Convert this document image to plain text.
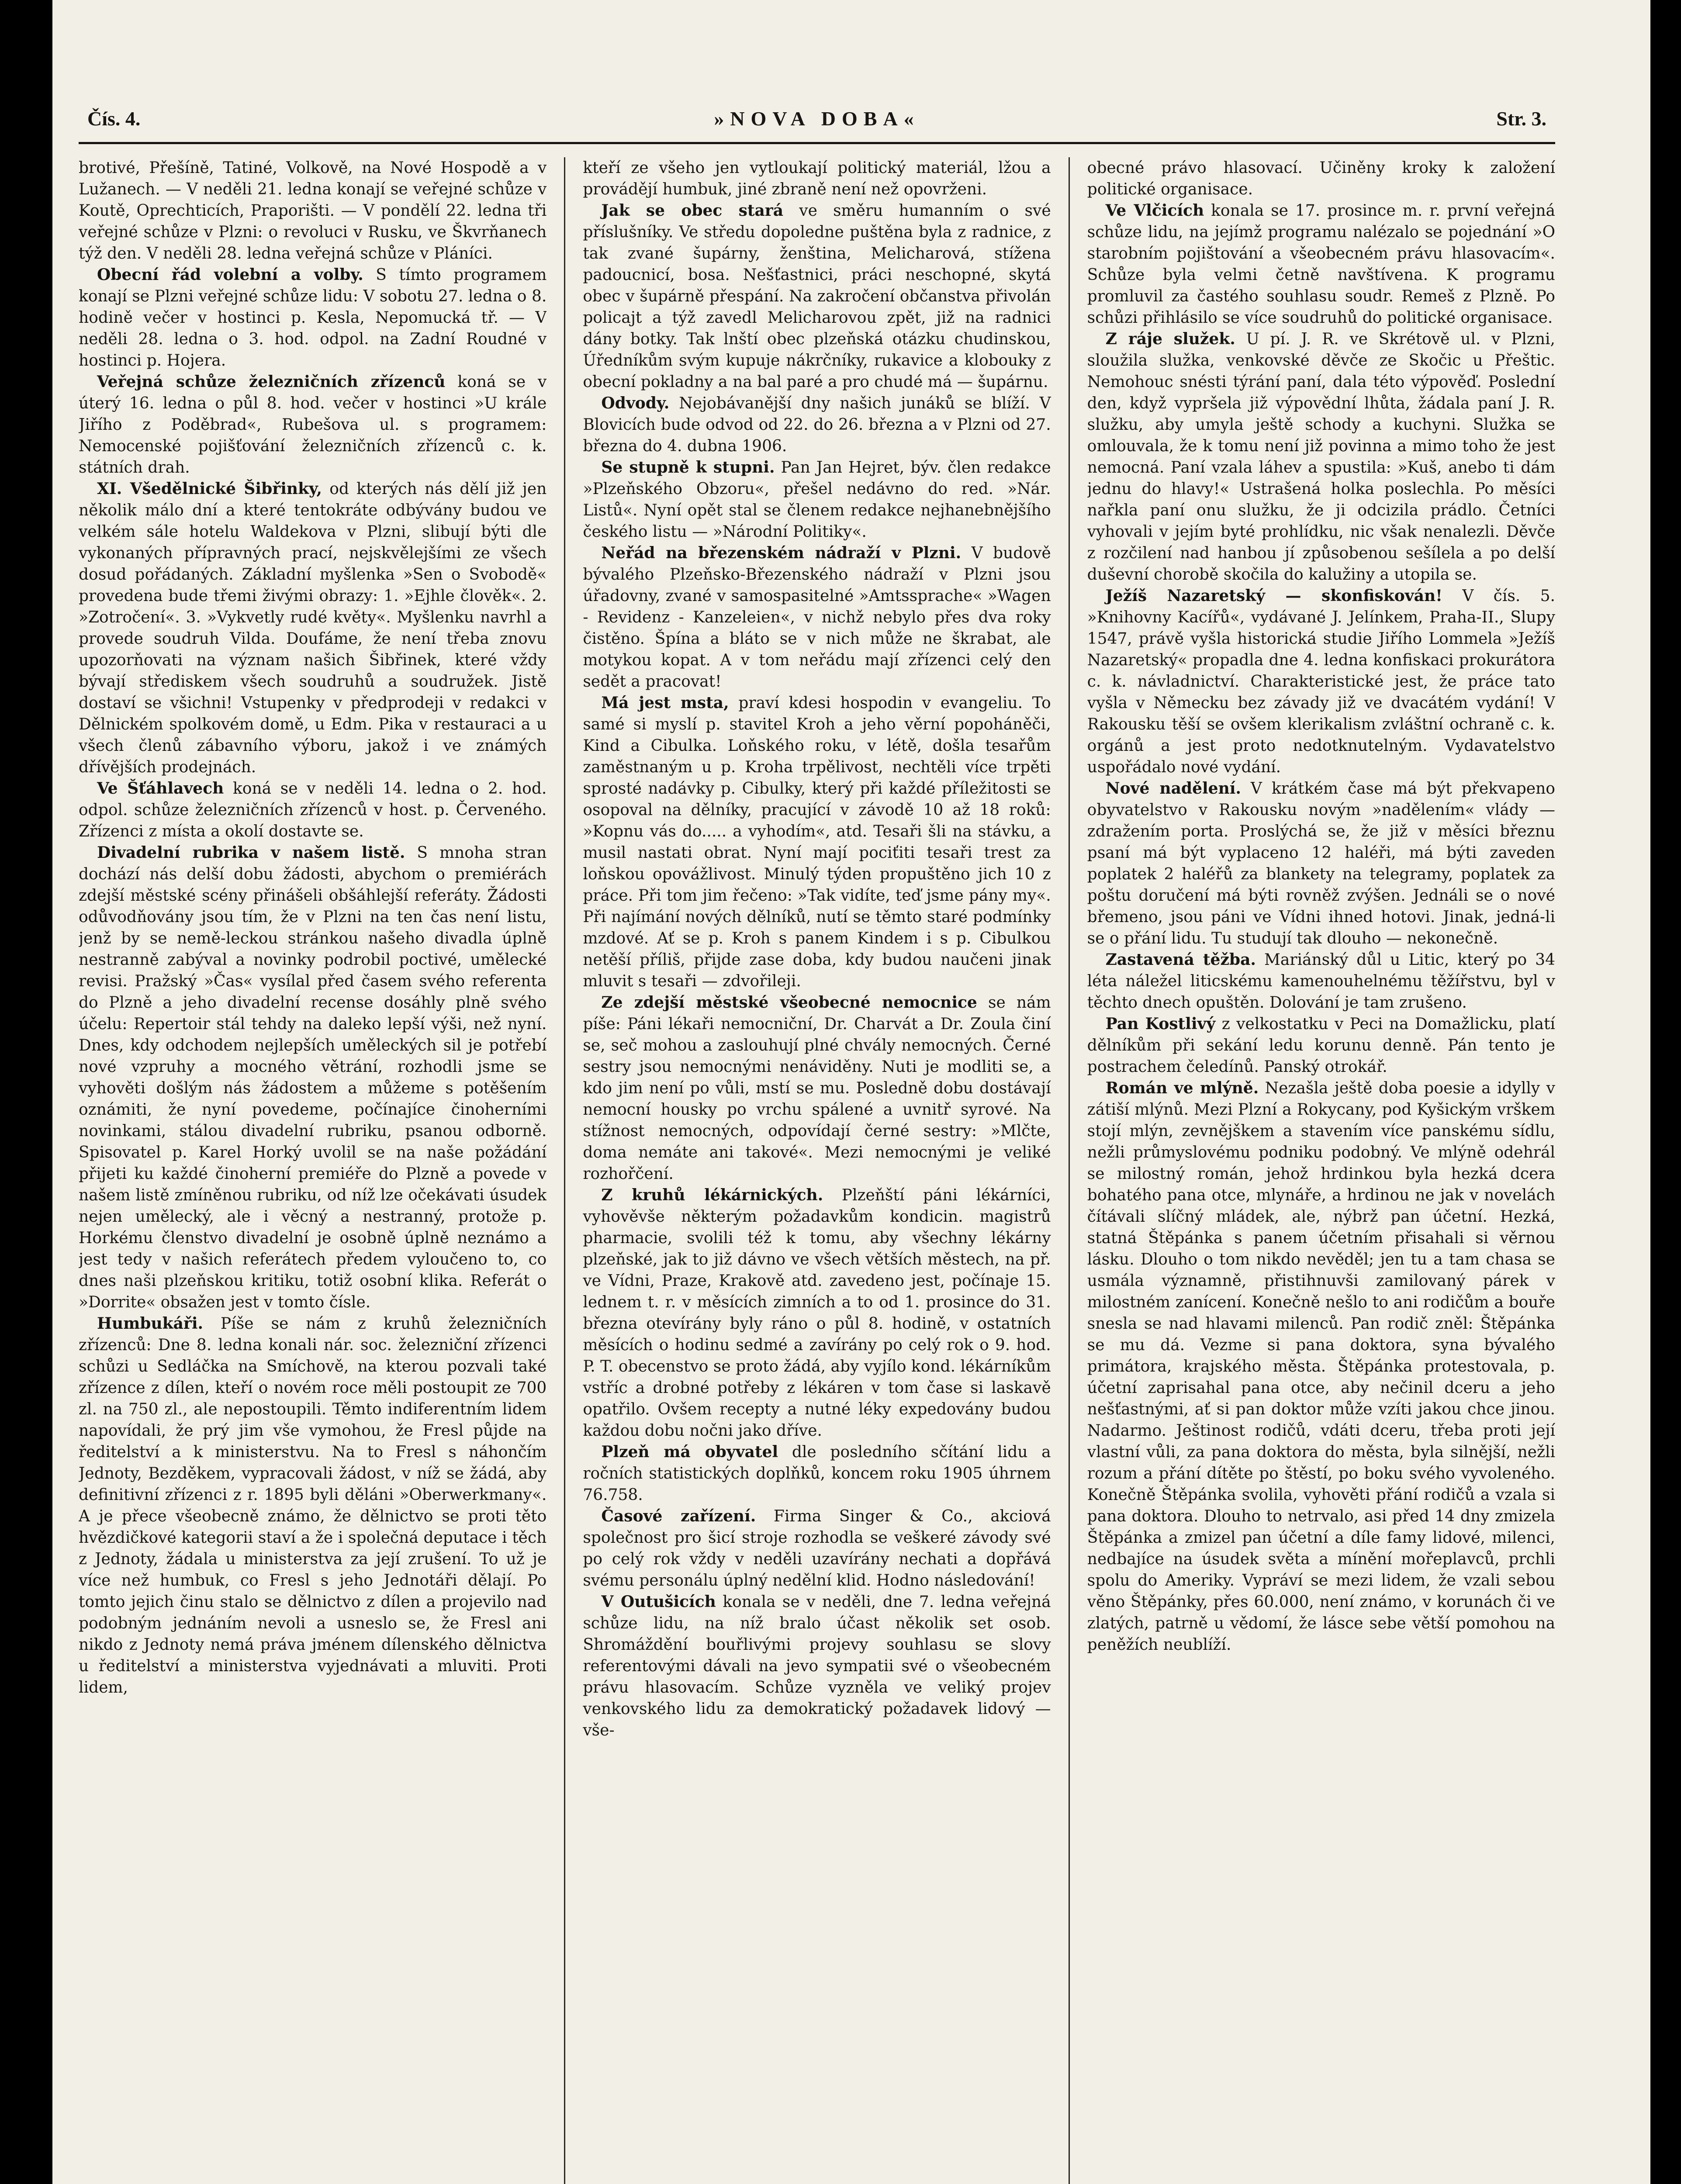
Čís. 4.	»NOVA DOBA«	Str. 3.

brotivé, Přešíně, Tatiné, Volkově, na Nové Hospodě a v Lužanech. — V neděli 21. ledna konají se veřejné schůze v Koutě, Oprechticích, Praporišti. — V pondělí 22. ledna tři veřejné schůze v Plzni: o revoluci v Rusku, ve Škvrňanech týž den. V neděli 28. ledna veřejná schůze v Pláníci.

Obecní řád volební a volby. S tímto programem konají se Plzni veřejné schůze lidu: V sobotu 27. ledna o 8. hodině večer v hostinci p. Kesla, Nepomucká tř. — V neděli 28. ledna o 3. hod. odpol. na Zadní Roudné v hostinci p. Hojera.

Veřejná schůze železničních zřízenců koná se v úterý 16. ledna o půl 8. hod. večer v hostinci »U krále Jiřího z Poděbrad«, Rubešova ul. s programem: Nemocenské pojišťování železničních zřízenců c. k. státních drah.

XI. Všedělnické Šibřinky, od kterých nás dělí již jen několik málo dní a které tentokráte odbývány budou ve velkém sále hotelu Waldekova v Plzni, slibují býti dle vykonaných přípravných prací, nejskvělejšími ze všech dosud pořádaných. Základní myšlenka »Sen o Svobodě« provedena bude třemi živými obrazy: 1. »Ejhle člověk«. 2. »Zotročení«. 3. »Vykvetly rudé květy«. Myšlenku navrhl a provede soudruh Vilda. Doufáme, že není třeba znovu upozorňovati na význam našich Šibřinek, které vždy bývají střediskem všech soudruhů a soudružek. Jistě dostaví se všichni! Vstupenky v předprodeji v redakci v Dělnickém spolkovém domě, u Edm. Pika v restauraci a u všech členů zábavního výboru, jakož i ve známých dřívějších prodejnách.

Ve Šťáhlavech koná se v neděli 14. ledna o 2. hod. odpol. schůze železničních zřízenců v host. p. Červeného. Zřízenci z místa a okolí dostavte se.

Divadelní rubrika v našem listě. S mnoha stran dochází nás delší dobu žádosti, abychom o premiérách zdejší městské scény přinášeli obšáhlejší referáty. Žádosti odůvodňovány jsou tím, že v Plzni na ten čas není listu, jenž by se nemě-leckou stránkou našeho divadla úplně nestranně zabýval a novinky podrobil poctivé, umělecké revisi. Pražský »Čas« vysílal před časem svého referenta do Plzně a jeho divadelní recense dosáhly plně svého účelu: Repertoir stál tehdy na daleko lepší výši, než nyní. Dnes, kdy odchodem nejlepších uměleckých sil je potřebí nové vzpruhy a mocného větrání, rozhodli jsme se vyhověti došlým nás žádostem a můžeme s potěšením oznámiti, že nyní povedeme, počínajíce činoherními novinkami, stálou divadelní rubriku, psanou odborně. Spisovatel p. Karel Horký uvolil se na naše požádání přijeti ku každé činoherní premiéře do Plzně a povede v našem listě zmíněnou rubriku, od níž lze očekávati úsudek nejen umělecký, ale i věcný a nestranný, protože p. Horkému členstvo divadelní je osobně úplně neznámo a jest tedy v našich referátech předem vyloučeno to, co dnes naši plzeňskou kritiku, totiž osobní klika. Referát o »Dorrite« obsažen jest v tomto čísle.

Humbukáři. Píše se nám z kruhů železničních zřízenců: Dne 8. ledna konali nár. soc. železniční zřízenci schůzi u Sedláčka na Smíchově, na kterou pozvali také zřízence z dílen, kteří o novém roce měli postoupit ze 700 zl. na 750 zl., ale nepostoupili. Těmto indiferentním lidem napovídali, že prý jim vše vymohou, že Fresl půjde na ředitelství a k ministerstvu. Na to Fresl s náhončím Jednoty, Bezděkem, vypracovali žádost, v níž se žádá, aby definitivní zřízenci z r. 1895 byli děláni »Oberwerkmany«. A je přece všeobecně známo, že dělnictvo se proti těto hvězdičkové kategorii staví a že i společná deputace i těch z Jednoty, žádala u ministerstva za její zrušení. To už je více než humbuk, co Fresl s jeho Jednotáři dělají. Po tomto jejich činu stalo se dělnictvo z dílen a projevilo nad podobným jednáním nevoli a usneslo se, že Fresl ani nikdo z Jednoty nemá práva jménem dílenského dělnictva u ředitelství a ministerstva vyjednávati a mluviti. Proti lidem,

kteří ze všeho jen vytloukají politický materiál, lžou a provádějí humbuk, jiné zbraně není než opovrženi.

Jak se obec stará ve směru humanním o své příslušníky. Ve středu dopoledne puštěna byla z radnice, z tak zvané šupárny, ženština, Melicharová, stížena padoucnicí, bosa. Nešťastnici, práci neschopné, skytá obec v šupárně přespání. Na zakročení občanstva přivolán policajt a týž zavedl Melicharovou zpět, již na radnici dány botky. Tak lnští obec plzeňská otázku chudinskou, Úředníkům svým kupuje nákrčníky, rukavice a klobouky z obecní pokladny a na bal paré a pro chudé má — šupárnu.

Odvody. Nejobávanější dny našich junáků se blíží. V Blovicích bude odvod od 22. do 26. března a v Plzni od 27. března do 4. dubna 1906.

Se stupně k stupni. Pan Jan Hejret, býv. člen redakce »Plzeňského Obzoru«, přešel nedávno do red. »Nár. Listů«. Nyní opět stal se členem redakce nejhanebnějšího českého listu — »Národní Politiky«.

Neřád na březenském nádraží v Plzni. V budově bývalého Plzeňsko-Březenského nádraží v Plzni jsou úřadovny, zvané v samospasitelné »Amtssprache« »Wagen - Revidenz - Kanzeleien«, v nichž nebylo přes dva roky čistěno. Špína a bláto se v nich může ne škrabat, ale motykou kopat. A v tom neřádu mají zřízenci celý den sedět a pracovat!

Má jest msta, praví kdesi hospodin v evangeliu. To samé si myslí p. stavitel Kroh a jeho věrní popoháněči, Kind a Cibulka. Loňského roku, v létě, došla tesařům zaměstnaným u p. Kroha trpělivost, nechtěli více trpěti sprosté nadávky p. Cibulky, který při každé příležitosti se osopoval na dělníky, pracující v závodě 10 až 18 roků: »Kopnu vás do..... a vyhodím«, atd. Tesaři šli na stávku, a musil nastati obrat. Nyní mají pociťiti tesaři trest za loňskou opovážlivost. Minulý týden propuštěno jich 10 z práce. Při tom jim řečeno: »Tak vidíte, teď jsme pány my«. Při najímání nových dělníků, nutí se těmto staré podmínky mzdové. Ať se p. Kroh s panem Kindem i s p. Cibulkou netěší příliš, přijde zase doba, kdy budou naučeni jinak mluvit s tesaři — zdvořileji.

Ze zdejší městské všeobecné nemocnice se nám píše: Páni lékaři nemocniční, Dr. Charvát a Dr. Zoula činí se, seč mohou a zaslouhují plné chvály nemocných. Černé sestry jsou nemocnými nenáviděny. Nuti je modliti se, a kdo jim není po vůli, mstí se mu. Posledně dobu dostávají nemocní housky po vrchu spálené a uvnitř syrové. Na stížnost nemocných, odpovídají černé sestry: »Mlčte, doma nemáte ani takové«. Mezi nemocnými je veliké rozhořčení.

Z kruhů lékárnických. Plzeňští páni lékárníci, vyhověvše některým požadavkům kondicin. magistrů pharmacie, svolili též k tomu, aby všechny lékárny plzeňské, jak to již dávno ve všech větších městech, na př. ve Vídni, Praze, Krakově atd. zavedeno jest, počínaje 15. lednem t. r. v měsících zimních a to od 1. prosince do 31. března otevírány byly ráno o půl 8. hodině, v ostatních měsících o hodinu sedmé a zavírány po celý rok o 9. hod. P. T. obecenstvo se proto žádá, aby vyjílo kond. lékárníkům vstříc a drobné potřeby z lékáren v tom čase si laskavě opatřilo. Ovšem recepty a nutné léky expedovány budou každou dobu nočni jako dříve.

Plzeň má obyvatel dle posledního sčítání lidu a ročních statistických doplňků, koncem roku 1905 úhrnem 76.758.

Časové zařízení. Firma Singer & Co., akciová společnost pro šicí stroje rozhodla se veškeré závody své po celý rok vždy v neděli uzavírány nechati a dopřává svému personálu úplný nedělní klid. Hodno následování!

V Outušicích konala se v neděli, dne 7. ledna veřejná schůze lidu, na níž bralo účast několik set osob. Shromáždění bouřlivými projevy souhlasu se slovy referentovými dávali na jevo sympatii své o všeobecném právu hlasovacím. Schůze vyzněla ve veliký projev venkovského lidu za demokratický požadavek lidový — vše-

obecné právo hlasovací. Učiněny kroky k založení politické organisace.

Ve Vlčicích konala se 17. prosince m. r. první veřejná schůze lidu, na jejímž programu nalézalo se pojednání »O starobním pojištování a všeobecném právu hlasovacím«. Schůze byla velmi četně navštívena. K programu promluvil za častého souhlasu soudr. Remeš z Plzně. Po schůzi přihlásilo se více soudruhů do politické organisace.

Z ráje služek. U pí. J. R. ve Skrétově ul. v Plzni, sloužila služka, venkovské děvče ze Skočic u Přeštic. Nemohouc snésti týrání paní, dala této výpověď. Poslední den, když vypršela již výpovědní lhůta, žádala paní J. R. služku, aby umyla ještě schody a kuchyni. Služka se omlouvala, že k tomu není již povinna a mimo toho že jest nemocná. Paní vzala láhev a spustila: »Kuš, anebo ti dám jednu do hlavy!« Ustrašená holka poslechla. Po měsíci nařkla paní onu služku, že ji odcizila prádlo. Četníci vyhovali v jejím byté prohlídku, nic však nenalezli. Děvče z rozčilení nad hanbou jí způsobenou sešílela a po delší duševní chorobě skočila do kalužiny a utopila se.

Ježíš Nazaretský — skonfiskován! V čís. 5. »Knihovny Kacířů«, vydávané J. Jelínkem, Praha-II., Slupy 1547, právě vyšla historická studie Jiřího Lommela »Ježíš Nazaretský« propadla dne 4. ledna konfiskaci prokurátora c. k. návladnictví. Charakteristické jest, že práce tato vyšla v Německu bez závady již ve dvacátém vydání! V Rakousku těší se ovšem klerikalism zvláštní ochraně c. k. orgánů a jest proto nedotknutelným. Vydavatelstvo uspořádalo nové vydání.

Nové nadělení. V krátkém čase má být překvapeno obyvatelstvo v Rakousku novým »nadělením« vlády — zdražením porta. Proslýchá se, že již v měsíci březnu psaní má být vyplaceno 12 haléři, má býti zaveden poplatek 2 haléřů za blankety na telegramy, poplatek za poštu doručení má býti rovněž zvýšen. Jednáli se o nové břemeno, jsou páni ve Vídni ihned hotovi. Jinak, jedná-li se o přání lidu. Tu studují tak dlouho — nekonečně.

Zastavená těžba. Mariánský důl u Litic, který po 34 léta náležel liticskému kamenouhelnému těžířstvu, byl v těchto dnech opuštěn. Dolování je tam zrušeno.

Pan Kostlivý z velkostatku v Peci na Domažlicku, platí dělníkům při sekání ledu korunu denně. Pán tento je postrachem čeledínů. Panský otrokář.

Román ve mlýně. Nezašla ještě doba poesie a idylly v zátiší mlýnů. Mezi Plzní a Rokycany, pod Kyšickým vrškem stojí mlýn, zevnějškem a stavením více panskému sídlu, nežli průmyslovému podniku podobný. Ve mlýně odehrál se milostný román, jehož hrdinkou byla hezká dcera bohatého pana otce, mlynáře, a hrdinou ne jak v novelách čítávali slíčný mládek, ale, nýbrž pan účetní. Hezká, statná Štěpánka s panem účetním přisahali si věrnou lásku. Dlouho o tom nikdo nevěděl; jen tu a tam chasa se usmála významně, přistihnuvši zamilovaný párek v milostném zanícení. Konečně nešlo to ani rodičům a bouře snesla se nad hlavami milenců. Pan rodič zněl: Štěpánka se mu dá. Vezme si pana doktora, syna bývalého primátora, krajského města. Štěpánka protestovala, p. účetní zaprisahal pana otce, aby nečinil dceru a jeho nešťastnými, ať si pan doktor může vzíti jakou chce jinou. Nadarmo. Ještinost rodičů, vdáti dceru, třeba proti její vlastní vůli, za pana doktora do města, byla silnější, nežli rozum a přání dítěte po štěstí, po boku svého vyvoleného. Konečně Štěpánka svolila, vyhověti přání rodičů a vzala si pana doktora. Dlouho to netrvalo, asi před 14 dny zmizela Štěpánka a zmizel pan účetní a díle famy lidové, milenci, nedbajíce na úsudek světa a mínění mořeplavců, prchli spolu do Ameriky. Vypráví se mezi lidem, že vzali sebou věno Štěpánky, přes 60.000, není známo, v korunách či ve zlatých, patrně u vědomí, že lásce sebe větší pomohou na peněžích neublíží.
